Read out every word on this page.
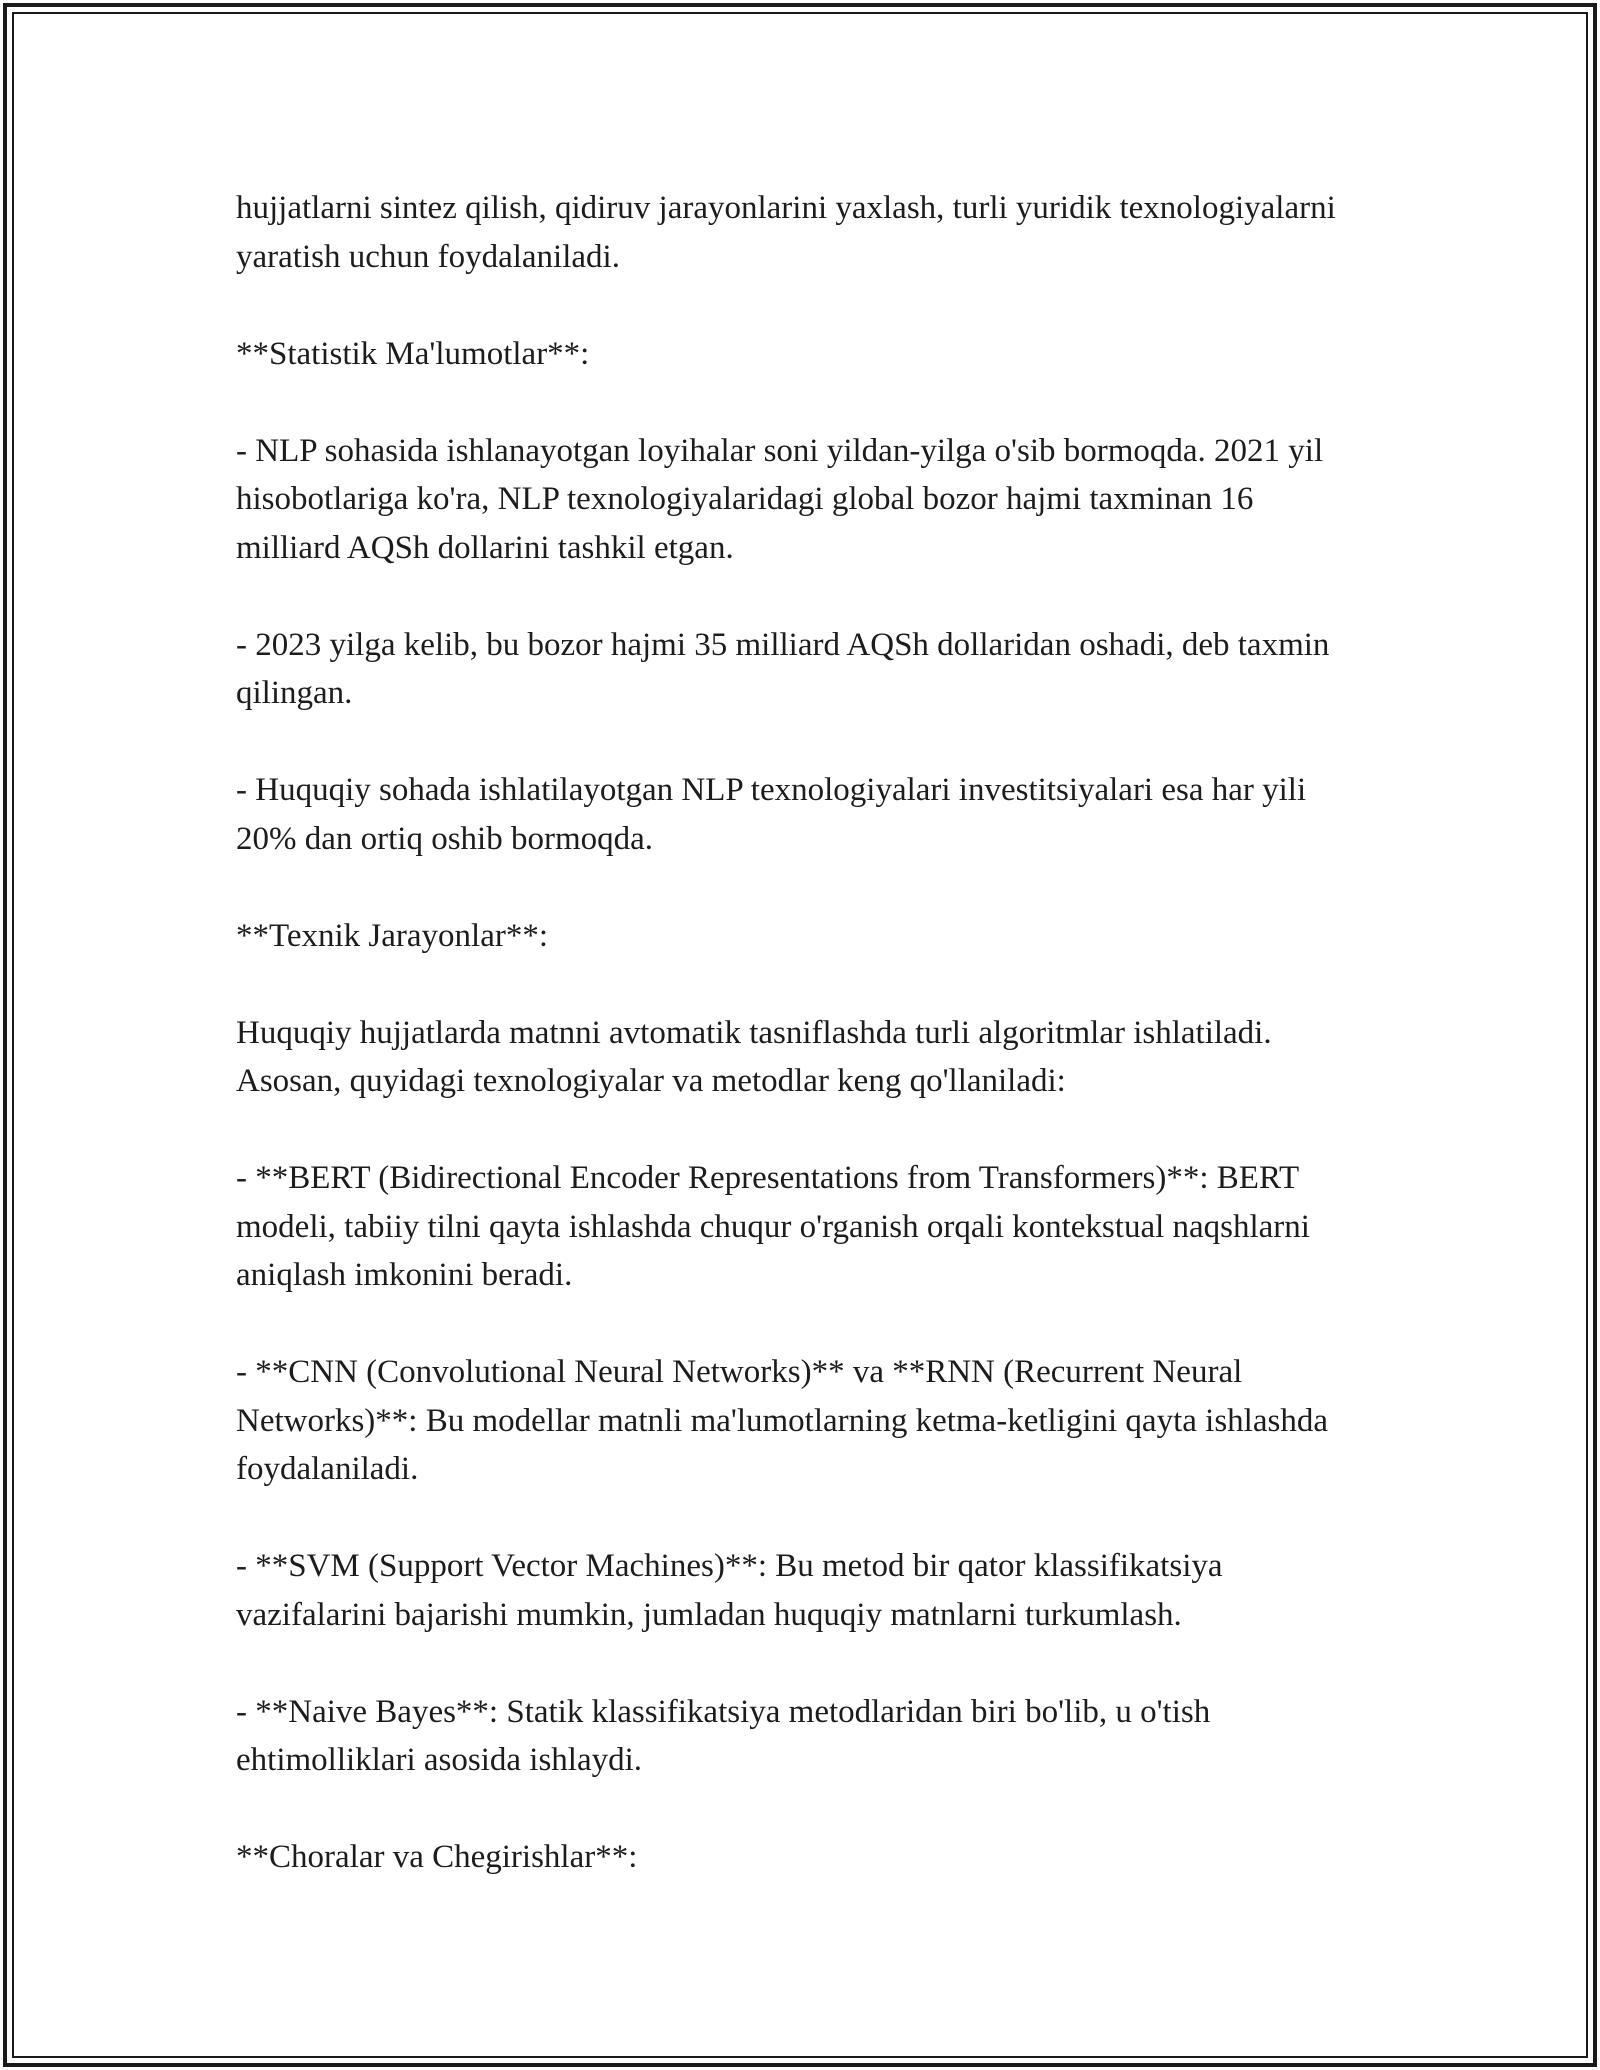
hujjatlarni sintez qilish, qidiruv jarayonlarini yaxlash, turli yuridik texnologiyalarni yaratish uchun foydalaniladi.

**Statistik Ma'lumotlar**:

- NLP sohasida ishlanayotgan loyihalar soni yildan-yilga o'sib bormoqda. 2021 yil hisobotlariga ko'ra, NLP texnologiyalaridagi global bozor hajmi taxminan 16 milliard AQSh dollarini tashkil etgan.

- 2023 yilga kelib, bu bozor hajmi 35 milliard AQSh dollaridan oshadi, deb taxmin qilingan.

- Huquqiy sohada ishlatilayotgan NLP texnologiyalari investitsiyalari esa har yili 20% dan ortiq oshib bormoqda.

**Texnik Jarayonlar**:

Huquqiy hujjatlarda matnni avtomatik tasniflashda turli algoritmlar ishlatiladi. Asosan, quyidagi texnologiyalar va metodlar keng qo'llaniladi:

- **BERT (Bidirectional Encoder Representations from Transformers)**: BERT modeli, tabiiy tilni qayta ishlashda chuqur o'rganish orqali kontekstual naqshlarni aniqlash imkonini beradi.

- **CNN (Convolutional Neural Networks)** va **RNN (Recurrent Neural Networks)**: Bu modellar matnli ma'lumotlarning ketma-ketligini qayta ishlashda foydalaniladi.

- **SVM (Support Vector Machines)**: Bu metod bir qator klassifikatsiya vazifalarini bajarishi mumkin, jumladan huquqiy matnlarni turkumlash.

- **Naive Bayes**: Statik klassifikatsiya metodlaridan biri bo'lib, u o'tish ehtimolliklari asosida ishlaydi.

**Choralar va Chegirishlar**:
